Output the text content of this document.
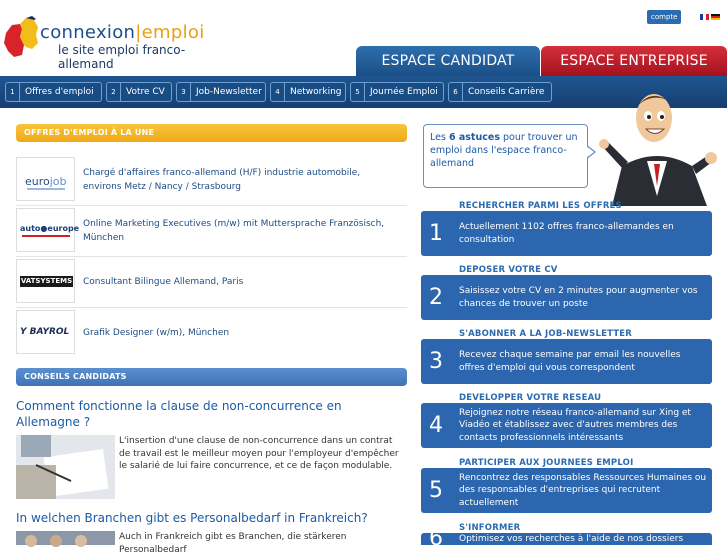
connexion|emploi
le site emploi franco-allemand
compte
ESPACE CANDIDAT	ESPACE ENTREPRISE
1 Offres d'emploi	2 Votre CV	3 Job-Newsletter	4 Networking	5 Journée Emploi	6 Conseils Carrière
OFFRES D'EMPLOI À LA UNE
eurojob
Chargé d'affaires franco-allemand (H/F) industrie automobile, environs Metz / Nancy / Strasbourg
auto●europe Online Marketing Executives (m/w) mit Muttersprache Französisch, München
VATSYSTEMS Consultant Bilingue Allemand, Paris
Y BAYROL Grafik Designer (w/m), München
CONSEILS CANDIDATS
Comment fonctionne la clause de non-concurrence en Allemagne ?
L'insertion d'une clause de non-concurrence dans un contrat de travail est le meilleur moyen pour l'employeur d'empêcher le salarié de lui faire concurrence, et ce de façon modulable.
In welchen Branchen gibt es Personalbedarf in Frankreich?
Auch in Frankreich gibt es Branchen, die stärkeren Personalbedarf
Les 6 astuces pour trouver un emploi dans l'espace franco-allemand
RECHERCHER PARMI LES OFFRES
1	Actuellement 1102 offres franco-allemandes en consultation
DEPOSER VOTRE CV
2	Saisissez votre CV en 2 minutes pour augmenter vos chances de trouver un poste
S'ABONNER A LA JOB-NEWSLETTER
3	Recevez chaque semaine par email les nouvelles offres d'emploi qui vous correspondent
DEVELOPPER VOTRE RESEAU
4
Rejoignez notre réseau franco-allemand sur Xing et Viadéo et établissez avec d'autres membres des contacts professionnels intéressants
PARTICIPER AUX JOURNEES EMPLOI
5
Rencontrez des responsables Ressources Humaines ou des responsables d'entreprises qui recrutent actuellement
S'INFORMER
6	Optimisez vos recherches à l'aide de nos dossiers
